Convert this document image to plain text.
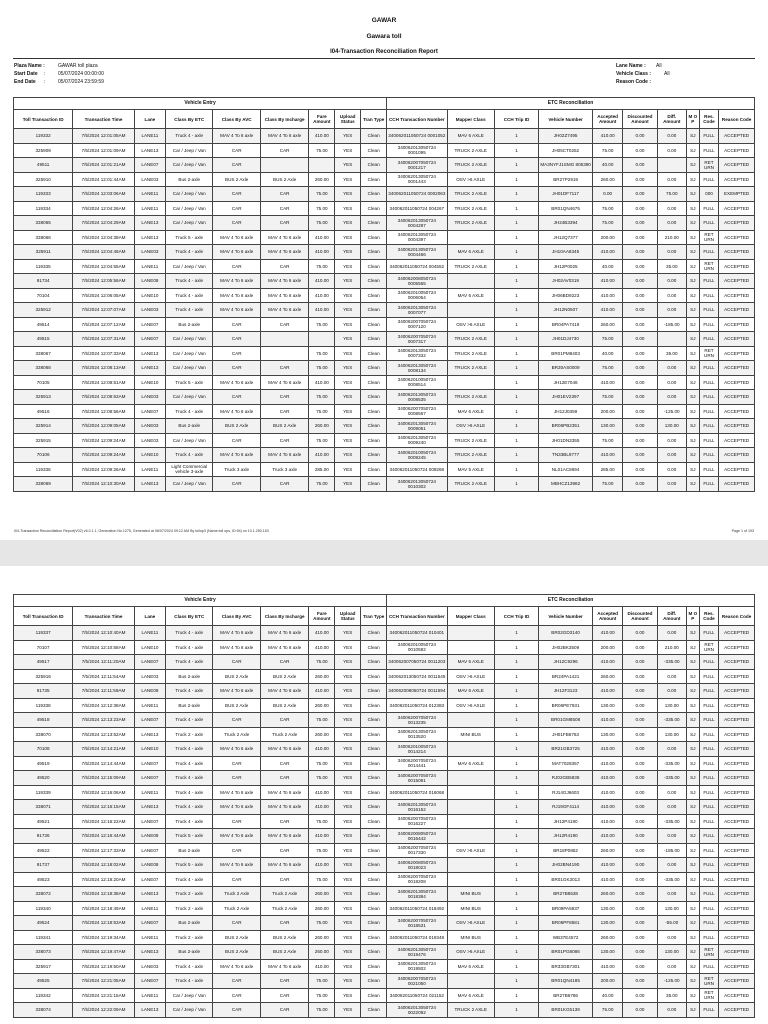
GAWAR
Gawara toll
I04-Transaction Reconciliation Report
Plaza Name :	GAWAR toll plaza
Start Date :	05/07/2024 00:00:00
End Date :	05/07/2024 23:59:59
Lane Name : All
Vehicle Class :	All
Reason Code :
Vehicle Entry									ETC Reconciliation									
Toll Transaction ID	Transaction Time	Lane	Class By ETC	Class By AVC	Class By Incharge	Fare Amount	Upload Status	Tran Type	CCH Transaction Number	Mapper Class	CCH Trip ID	Vehicle Number	Accepted Amount	Discounted Amount	Diff. Amount	M O P	Res. Code	Reason Code
119332	7/5/2024 12:01:05AM	LANE11	Truck 4 - axle	MAV 4 To 6 axle	MAV 4 To 6 axle	410.00	YES	Clean	340062011050724 0001052	MAV 6 AXLE	1	JH02Z7495	410.00	0.00	0.00	SJ	FULL	ACCEPTED
325909	7/5/2024 12:01:09AM	LANE13	Car / Jeep / Van	CAR	CAR	75.00	YES	Clean	340062013050724 0001095	TRUCK 2 AXLE	1	JH05CT0252	75.00	0.00	0.00	SJ	FULL	ACCEPTED
49511	7/5/2024 12:01:21AM	LANE07	Car / Jeep / Van	CAR			YES	Clean	340062007050724 0001217	TRUCK 2 AXLE	1	MA3NYFJ1SMG 805390	40.00	0.00		SJ	RET URN	ACCEPTED
325910	7/5/2024 12:01:44AM	LANE03	Bus 2-axle	BUS 2 Axle	BUS 2 Axle	260.00	YES	Clean	340062013050724 0001443	OSV >6 AXLE	1	BR27P2919	260.00	0.00	0.00	SJ	FULL	ACCEPTED
119333	7/5/2024 12:03:06AM	LANE11	Car / Jeep / Van	CAR	CAR	75.00	YES	Clean	340062011050724 0002063	TRUCK 2 AXLE	1	JH01DF7117	0.00	0.00	75.00	SJ	000	EXEMPTED
119334	7/5/2024 12:04:26AM	LANE11	Car / Jeep / Van	CAR	CAR	75.00	YES	Clean	340062011050724 004267	TRUCK 2 AXLE	1	BR01QN4675	75.00	0.00	0.00	SJ	FULL	ACCEPTED
338065	7/5/2024 12:04:29AM	LANE13	Car / Jeep / Van	CAR	CAR	75.00	YES	Clean	340062013050724 0004297	TRUCK 2 AXLE	1	JH24B3394	75.00	0.00	0.00	SJ	FULL	ACCEPTED
338066	7/5/2024 12:04:39AM	LANE13	Truck 5 - axle	MAV 4 To 6 axle	MAV 4 To 6 axle	410.00	YES	Clean	340062013050724 0004397		1	JH12Q7377	200.00	0.00	210.00	SJ	RET URN	ACCEPTED
325911	7/5/2024 12:04:46AM	LANE03	Truck 4 - axle	MAV 4 To 6 axle	MAV 4 To 6 axle	410.00	YES	Clean	340062013050724 0004466	MAV 6 AXLE	1	JH10AA8345	410.00	0.00	0.00	SJ	FULL	ACCEPTED
119335	7/5/2024 12:04:55AM	LANE11	Car / Jeep / Van	CAR	CAR	75.00	YES	Clean	340062011050724 004552	TRUCK 2 AXLE	1	JH12P0025	40.00	0.00	35.00	SJ	RET URN	ACCEPTED
91734	7/5/2024 12:05:56AM	LANE08	Truck 4 - axle	MAV 4 To 6 axle	MAV 4 To 6 axle	410.00	YES	Clean	340062008050724 0005565		1	JH02AV0319	410.00	0.00	0.00	SJ	FULL	ACCEPTED
70104	7/5/2024 12:06:05AM	LANE10	Truck 4 - axle	MAV 4 To 6 axle	MAV 4 To 6 axle	410.00	YES	Clean	340062010050724 0006054	MAV 6 AXLE	1	JH06BD9223	410.00	0.00	0.00	SJ	FULL	ACCEPTED
325912	7/5/2024 12:07:07AM	LANE03	Truck 4 - axle	MAV 4 To 6 axle	MAV 4 To 6 axle	410.00	YES	Clean	340062013050724 0007077		1	JH12N0507	410.00	0.00	0.00	SJ	FULL	ACCEPTED
49514	7/5/2024 12:07:12AM	LANE07	Bus 2-axle	CAR	CAR	75.00	YES	Clean	340062007050724 0007120	OSV >6 AXLE	1	BR04PA7419	260.00	0.00	-185.00	SJ	FULL	ACCEPTED
49515	7/5/2024 12:07:31AM	LANE07	Car / Jeep / Van	CAR			YES	Clean	340062007050724 0007317	TRUCK 2 AXLE	1	JH01DJ4730	75.00	0.00		SJ	FULL	ACCEPTED
338067	7/5/2024 12:07:33AM	LANE13	Car / Jeep / Van	CAR		75.00	YES	Clean	340062013050724 0007332	TRUCK 2 AXLE	1	BR01PM8403	40.00	0.00	35.00	SJ	RET URN	ACCEPTED
338068	7/5/2024 12:08:13AM	LANE13	Car / Jeep / Van	CAR	CAR	75.00	YES	Clean	340062013050724 0008134	TRUCK 2 AXLE	1	BR30AS0009	75.00	0.00	0.00	SJ	FULL	ACCEPTED
70105	7/5/2024 12:08:51AM	LANE10	Truck 5 - axle	MAV 4 To 6 axle	MAV 4 To 6 axle	410.00	YES	Clean	340062010050724 0008514		1	JH12E7046	410.00	0.00	0.00	SJ	FULL	ACCEPTED
325913	7/5/2024 12:08:53AM	LANE03	Car / Jeep / Van	CAR	CAR	75.00	YES	Clean	340062013050724 0008535	TRUCK 2 AXLE	1	JH01EV2397	75.00	0.00	0.00	SJ	FULL	ACCEPTED
49516	7/5/2024 12:08:56AM	LANE07	Truck 4 - axle	MAV 4 To 6 axle	CAR	75.00	YES	Clean	340062007050724 0008567	MAV 6 AXLE	1	JH12J0359	200.00	0.00	-125.00	SJ	FULL	ACCEPTED
325914	7/5/2024 12:09:05AM	LANE03	Bus 2-axle	BUS 2 Axle	BUS 2 Axle	260.00	YES	Clean	340062013050724 0009051	OSV >6 AXLE	1	BR06PB2351	130.00	0.00	130.00	SJ	FULL	ACCEPTED
325915	7/5/2024 12:09:24AM	LANE03	Car / Jeep / Van	CAR	CAR	75.00	YES	Clean	340062013050724 0009240	TRUCK 2 AXLE	1	JH01DN3355	75.00	0.00	0.00	SJ	FULL	ACCEPTED
70106	7/5/2024 12:09:24AM	LANE10	Truck 4 - axle	MAV 4 To 6 axle	MAV 4 To 6 axle	410.00	YES	Clean	340062010050724 0009245	TRUCK 2 AXLE	1	TN33BL9777	410.00	0.00	0.00	SJ	FULL	ACCEPTED
119336	7/5/2024 12:09:26AM	LANE11	Light Commercial vehicle 3-axle	Truck 3 axle	Truck 3 axle	285.00	YES	Clean	340062011050724 009268	MAV 5 AXLE	1	NL01AC8694	285.00	0.00	0.00	SJ	FULL	ACCEPTED
338069	7/5/2024 12:10:30AM	LANE13	Car / Jeep / Van	CAR	CAR	75.00	YES	Clean	340062013050724 0010302	TRUCK 2 AXLE	1	MBHCZ13982	75.00	0.00	0.00	SJ	FULL	ACCEPTED
I04-Transaction Reconciliation Report(V02) v6.0.1.1, Generation No.1275, Generated at 06/07/2024 09:12 AM By tollop3 (Name:toll ops, ID:94) on 10.1.250.153	Page 1 of 193
Vehicle Entry									ETC Reconciliation									
Toll Transaction ID	Transaction Time	Lane	Class By ETC	Class By AVC	Class By Incharge	Fare Amount	Upload Status	Tran Type	CCH Transaction Number	Mapper Class	CCH Trip ID	Vehicle Number	Accepted Amount	Discounted Amount	Diff. Amount	M O P	Res. Code	Reason Code
119337	7/5/2024 12:10:40AM	LANE11	Truck 4 - axle	MAV 4 To 6 axle	MAV 4 To 6 axle	410.00	YES	Clean	340062011050724 010401		1	BR02GD3140	410.00	0.00	0.00	SJ	FULL	ACCEPTED
70107	7/5/2024 12:10:58AM	LANE10	Truck 4 - axle	MAV 4 To 6 axle	MAV 4 To 6 axle	410.00	YES	Clean	340062010050724 0010582		1	JH02BK3509	200.00	0.00	210.00	SJ	RET URN	ACCEPTED
49517	7/5/2024 12:11:20AM	LANE07	Truck 4 - axle	CAR	CAR	75.00	YES	Clean	340062007050724 0011203	MAV 6 AXLE	1	JH12C9296	410.00	0.00	-335.00	SJ	FULL	ACCEPTED
325916	7/5/2024 12:11:54AM	LANE03	Bus 2-axle	BUS 2 Axle	BUS 2 Axle	260.00	YES	Clean	340062013050724 0011545	OSV >6 AXLE	1	BR24PA1421	260.00	0.00	0.00	SJ	FULL	ACCEPTED
91735	7/5/2024 12:11:59AM	LANE08	Truck 4 - axle	MAV 4 To 6 axle	MAV 4 To 6 axle	410.00	YES	Clean	340062008050724 0011594	MAV 6 AXLE	1	JH12F3123	410.00	0.00	0.00	SJ	FULL	ACCEPTED
119338	7/5/2024 12:12:38AM	LANE11	Bus 2-axle	BUS 2 Axle	BUS 2 Axle	260.00	YES	Clean	340062011050724 012383	OSV >6 AXLE	1	BR06PE7931	130.00	0.00	130.00	SJ	FULL	ACCEPTED
49518	7/5/2024 12:13:23AM	LANE07	Truck 4 - axle	CAR	CAR	75.00	YES	Clean	340062007050724 0013235		1	BR01GM8508	410.00	0.00	-335.00	SJ	FULL	ACCEPTED
338070	7/5/2024 12:13:52AM	LANE13	Truck 2 - axle	Truck 2 Axle	Truck 2 Axle	260.00	YES	Clean	340062013050724 0013520	MINI BUS	1	JH01FB6763	130.00	0.00	130.00	SJ	FULL	ACCEPTED
70108	7/5/2024 12:14:21AM	LANE10	Truck 4 - axle	MAV 4 To 6 axle	MAV 4 To 6 axle	410.00	YES	Clean	340062010050724 0014214		1	BR21GB3725	410.00	0.00	0.00	SJ	FULL	ACCEPTED
49519	7/5/2024 12:14:44AM	LANE07	Truck 4 - axle	CAR	CAR	75.00	YES	Clean	340062007050724 0014441	MAV 6 AXLE	1	MAT7028357	410.00	0.00	-335.00	SJ	FULL	ACCEPTED
49520	7/5/2024 12:15:09AM	LANE07	Truck 4 - axle	CAR	CAR	75.00	YES	Clean	340062007050724 0015091		1	RJ02GB5838	410.00	0.00	-335.00	SJ	FULL	ACCEPTED
119339	7/5/2024 12:16:06AM	LANE11	Truck 4 - axle	MAV 4 To 6 axle	MAV 4 To 6 axle	410.00	YES	Clean	340062011050724 016068		1	RJ14GJ6603	410.00	0.00	0.00	SJ	FULL	ACCEPTED
338071	7/5/2024 12:16:15AM	LANE13	Truck 4 - axle	MAV 4 To 6 axle	MAV 4 To 6 axle	410.00	YES	Clean	340062013050724 0016152		1	RJ19GF4114	410.00	0.00	0.00	SJ	FULL	ACCEPTED
49521	7/5/2024 12:16:22AM	LANE07	Truck 4 - axle	CAR	CAR	75.00	YES	Clean	340062007050724 0016227		1	JH12P4190	410.00	0.00	-335.00	SJ	FULL	ACCEPTED
91736	7/5/2024 12:16:44AM	LANE08	Truck 5 - axle	MAV 4 To 6 axle	MAV 4 To 6 axle	410.00	YES	Clean	340062008050724 0016442		1	JH12R4190	410.00	0.00	0.00	SJ	FULL	ACCEPTED
49522	7/5/2024 12:17:33AM	LANE07	Bus 2-axle	CAR	CAR	75.00	YES	Clean	340062007050724 0017330	OSV >6 AXLE	1	BR18P0852	260.00	0.00	-185.00	SJ	FULL	ACCEPTED
91737	7/5/2024 12:18:02AM	LANE08	Truck 5 - axle	MAV 4 To 6 axle	MAV 4 To 6 axle	410.00	YES	Clean	340062008050724 0018023		1	JH02BN4190	410.00	0.00	0.00	SJ	FULL	ACCEPTED
49523	7/5/2024 12:18:20AM	LANE07	Truck 4 - axle	CAR	CAR	75.00	YES	Clean	340062007050724 0018208		1	BR01GK3013	410.00	0.00	-335.00	SJ	FULL	ACCEPTED
338072	7/5/2024 12:18:38AM	LANE13	Truck 2 - axle	Truck 2 Axle	Truck 2 Axle	260.00	YES	Clean	340062013050724 0018384	MINI BUS	1	BR27B8538	260.00	0.00	0.00	SJ	FULL	ACCEPTED
119340	7/5/2024 12:18:49AM	LANE11	Truck 2 - axle	Truck 2 Axle	Truck 2 Axle	260.00	YES	Clean	340062011050724 018492	MINI BUS	1	BR09PA5937	130.00	0.00	130.00	SJ	FULL	ACCEPTED
49524	7/5/2024 12:18:53AM	LANE07	Bus 2-axle	CAR	CAR	75.00	YES	Clean	340062007050724 0018531	OSV >6 AXLE	1	BR06PF8581	130.00	0.00	-55.00	SJ	FULL	ACCEPTED
119341	7/5/2024 12:19:34AM	LANE11	Truck 2 - axle	BUS 2 Axle	BUS 2 Axle	260.00	YES	Clean	340062011050724 019348	MINI BUS	1	WB37E4572	260.00	0.00	0.00	SJ	FULL	ACCEPTED
338073	7/5/2024 12:19:47AM	LANE13	Bus 2-axle	BUS 2 Axle	BUS 2 Axle	260.00	YES	Clean	340062013050724 0019476	OSV >6 AXLE	1	BR01PG8086	130.00	0.00	130.00	SJ	RET URN	ACCEPTED
325917	7/5/2024 12:19:50AM	LANE03	Truck 4 - axle	MAV 4 To 6 axle	MAV 4 To 6 axle	410.00	YES	Clean	340062013050724 0019502	MAV 6 AXLE	1	BR33GB7301	410.00	0.00	0.00	SJ	FULL	ACCEPTED
49525	7/5/2024 12:21:05AM	LANE07	Truck 4 - axle	CAR	CAR	75.00	YES	Clean	340062007050724 0021050		1	BR01QN4185	200.00	0.00	-125.00	SJ	RET URN	ACCEPTED
119342	7/5/2024 12:21:15AM	LANE11	Car / Jeep / Van	CAR	CAR	75.00	YES	Clean	340062011050724 021152	MAV 6 AXLE	1	BR27B6786	40.00	0.00	35.00	SJ	RET URN	ACCEPTED
338074	7/5/2024 12:22:09AM	LANE13	Car / Jeep / Van	CAR	CAR	75.00	YES	Clean	340062013050724 0022092	TRUCK 2 AXLE	1	BR01KG5139	75.00	0.00	0.00	SJ	FULL	ACCEPTED
